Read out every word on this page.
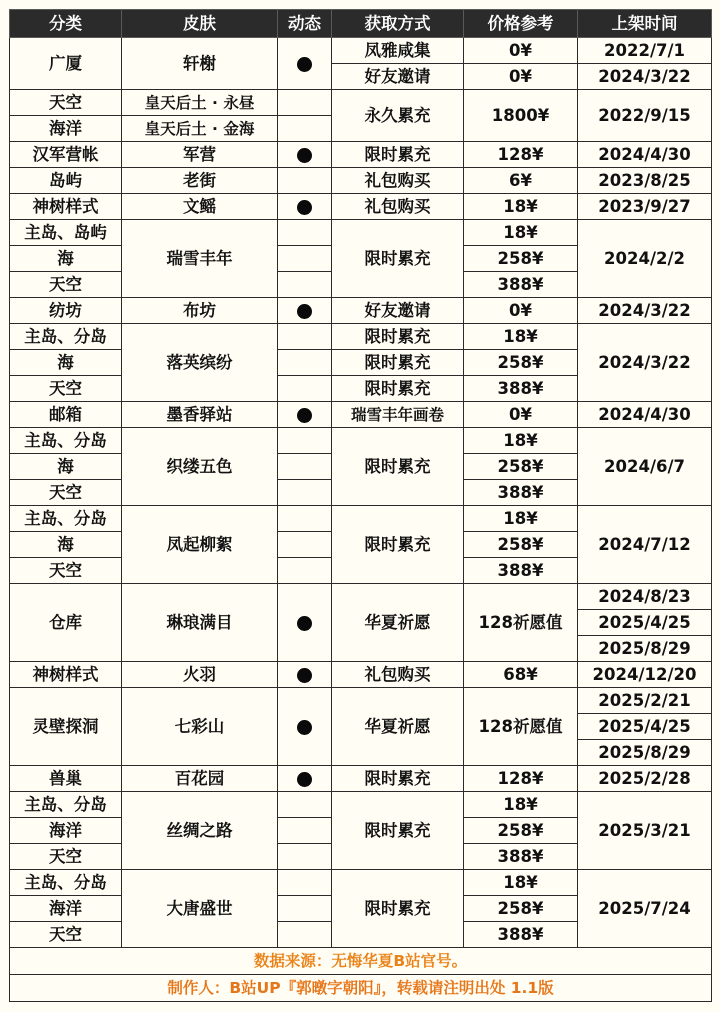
分类	皮肤	动态	获取方式	价格参考	上架时间
广厦	轩榭		凤雅咸集	0¥	2022/7/1
			好友邀请	0¥	2024/3/22
天空	皇天后土 · 永昼		永久累充	1800¥	2022/9/15
海洋	皇天后土 · 金海				
汉军营帐	军营		限时累充	128¥	2024/4/30
岛屿	老街		礼包购买	6¥	2023/8/25
神树样式	文鳐		礼包购买	18¥	2023/9/27
主岛、岛屿	瑞雪丰年		限时累充	18¥	2024/2/2
海				258¥	
天空				388¥	
纺坊	布坊		好友邀请	0¥	2024/3/22
主岛、分岛	落英缤纷		限时累充	18¥	2024/3/22
海			限时累充	258¥	
天空			限时累充	388¥	
邮箱	墨香驿站		瑞雪丰年画卷	0¥	2024/4/30
主岛、分岛	织缕五色		限时累充	18¥	2024/6/7
海				258¥	
天空				388¥	
主岛、分岛	凤起柳絮		限时累充	18¥	2024/7/12
海				258¥	
天空				388¥	
仓库	琳琅满目		华夏祈愿	128祈愿值	2024/8/23
					2025/4/25
					2025/8/29
神树样式	火羽		礼包购买	68¥	2024/12/20
灵壁探洞	七彩山		华夏祈愿	128祈愿值	2025/2/21
					2025/4/25
					2025/8/29
兽巢	百花园		限时累充	128¥	2025/2/28
主岛、分岛	丝绸之路		限时累充	18¥	2025/3/21
海洋				258¥	
天空				388¥	
主岛、分岛	大唐盛世		限时累充	18¥	2025/7/24
海洋				258¥	
天空				388¥	
数据来源：无悔华夏B站官号。					
制作人：B站UP『郭暾字朝阳』，转载请注明出处 1.1版					
